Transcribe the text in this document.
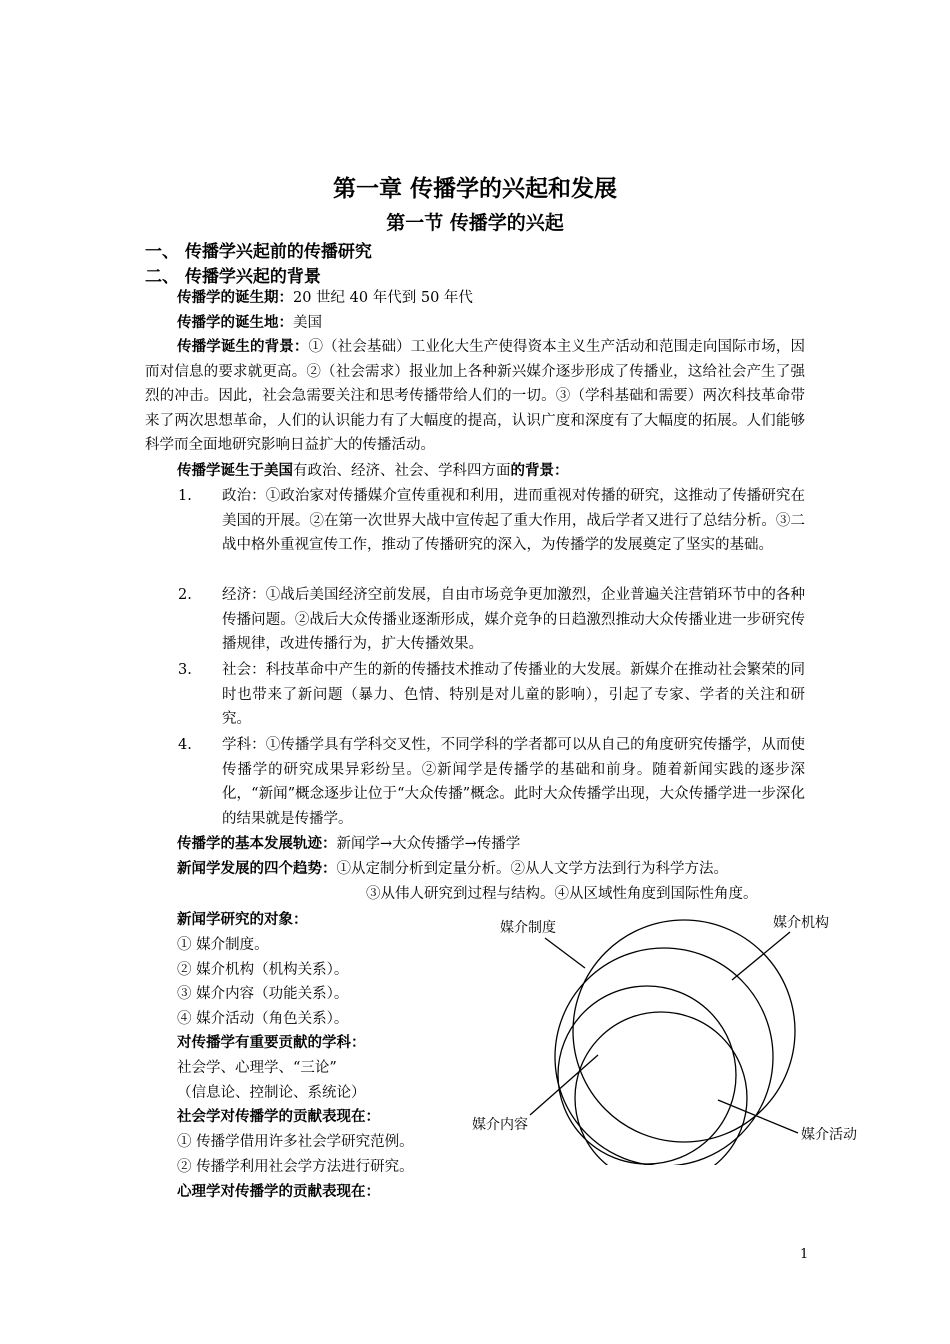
第一章 传播学的兴起和发展
第一节 传播学的兴起
一、 传播学兴起前的传播研究
二、 传播学兴起的背景
传播学的诞生期：20 世纪 40 年代到 50 年代
传播学的诞生地：美国
传播学诞生的背景：①（社会基础）工业化大生产使得资本主义生产活动和范围走向国际市场，因而对信息的要求就更高。②（社会需求）报业加上各种新兴媒介逐步形成了传播业，这给社会产生了强烈的冲击。因此，社会急需要关注和思考传播带给人们的一切。③（学科基础和需要）两次科技革命带来了两次思想革命，人们的认识能力有了大幅度的提高，认识广度和深度有了大幅度的拓展。人们能够科学而全面地研究影响日益扩大的传播活动。
传播学诞生于美国有政治、经济、社会、学科四方面的背景：
1. 政治：①政治家对传播媒介宣传重视和利用，进而重视对传播的研究，这推动了传播研究在美国的开展。②在第一次世界大战中宣传起了重大作用，战后学者又进行了总结分析。③二战中格外重视宣传工作，推动了传播研究的深入，为传播学的发展奠定了坚实的基础。
2. 经济：①战后美国经济空前发展，自由市场竞争更加激烈，企业普遍关注营销环节中的各种传播问题。②战后大众传播业逐渐形成，媒介竞争的日趋激烈推动大众传播业进一步研究传播规律，改进传播行为，扩大传播效果。
3. 社会：科技革命中产生的新的传播技术推动了传播业的大发展。新媒介在推动社会繁荣的同时也带来了新问题（暴力、色情、特别是对儿童的影响），引起了专家、学者的关注和研究。
4. 学科：①传播学具有学科交叉性，不同学科的学者都可以从自己的角度研究传播学，从而使传播学的研究成果异彩纷呈。②新闻学是传播学的基础和前身。随着新闻实践的逐步深化，“新闻”概念逐步让位于“大众传播”概念。此时大众传播学出现，大众传播学进一步深化的结果就是传播学。
传播学的基本发展轨迹：新闻学→大众传播学→传播学
新闻学发展的四个趋势：①从定制分析到定量分析。②从人文学方法到行为科学方法。
③从伟人研究到过程与结构。④从区域性角度到国际性角度。
新闻学研究的对象：
① 媒介制度。
② 媒介机构（机构关系）。
③ 媒介内容（功能关系）。
④ 媒介活动（角色关系）。
对传播学有重要贡献的学科：
社会学、心理学、“三论”
（信息论、控制论、系统论）
社会学对传播学的贡献表现在：
① 传播学借用许多社会学研究范例。
② 传播学利用社会学方法进行研究。
心理学对传播学的贡献表现在：
媒介制度	媒介机构
媒介内容
媒介活动
1
